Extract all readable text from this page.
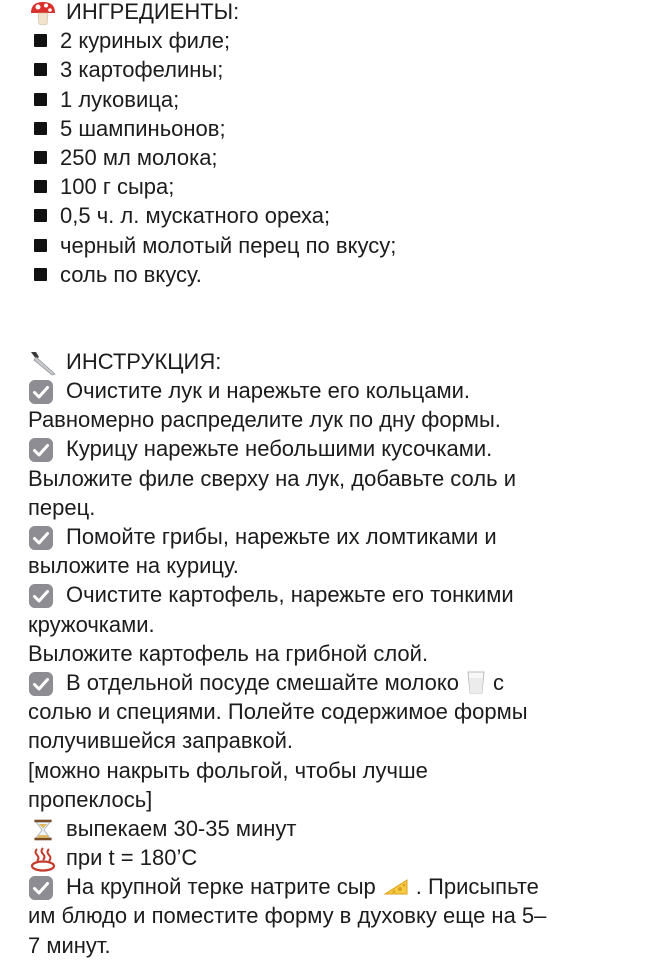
ИНГРЕДИЕНТЫ:
2 куриных филе;
3 картофелины;
1 луковица;
5 шампиньонов;
250 мл молока;
100 г сыра;
0,5 ч. л. мускатного ореха;
черный молотый перец по вкусу;
соль по вкусу.
ИНСТРУКЦИЯ:
Очистите лук и нарежьте его кольцами.
Равномерно распределите лук по дну формы.
Курицу нарежьте небольшими кусочками.
Выложите филе сверху на лук, добавьте соль и
перец.
Помойте грибы, нарежьте их ломтиками и
выложите на курицу.
Очистите картофель, нарежьте его тонкими
кружочками.
Выложите картофель на грибной слой.
В отдельной посуде смешайте молоко с
солью и специями. Полейте содержимое формы
получившейся заправкой.
[можно накрыть фольгой, чтобы лучше
пропеклось]
выпекаем 30-35 минут
при t = 180’С
На крупной терке натрите сыр . Присыпьте
им блюдо и поместите форму в духовку еще на 5–
7 минут.
